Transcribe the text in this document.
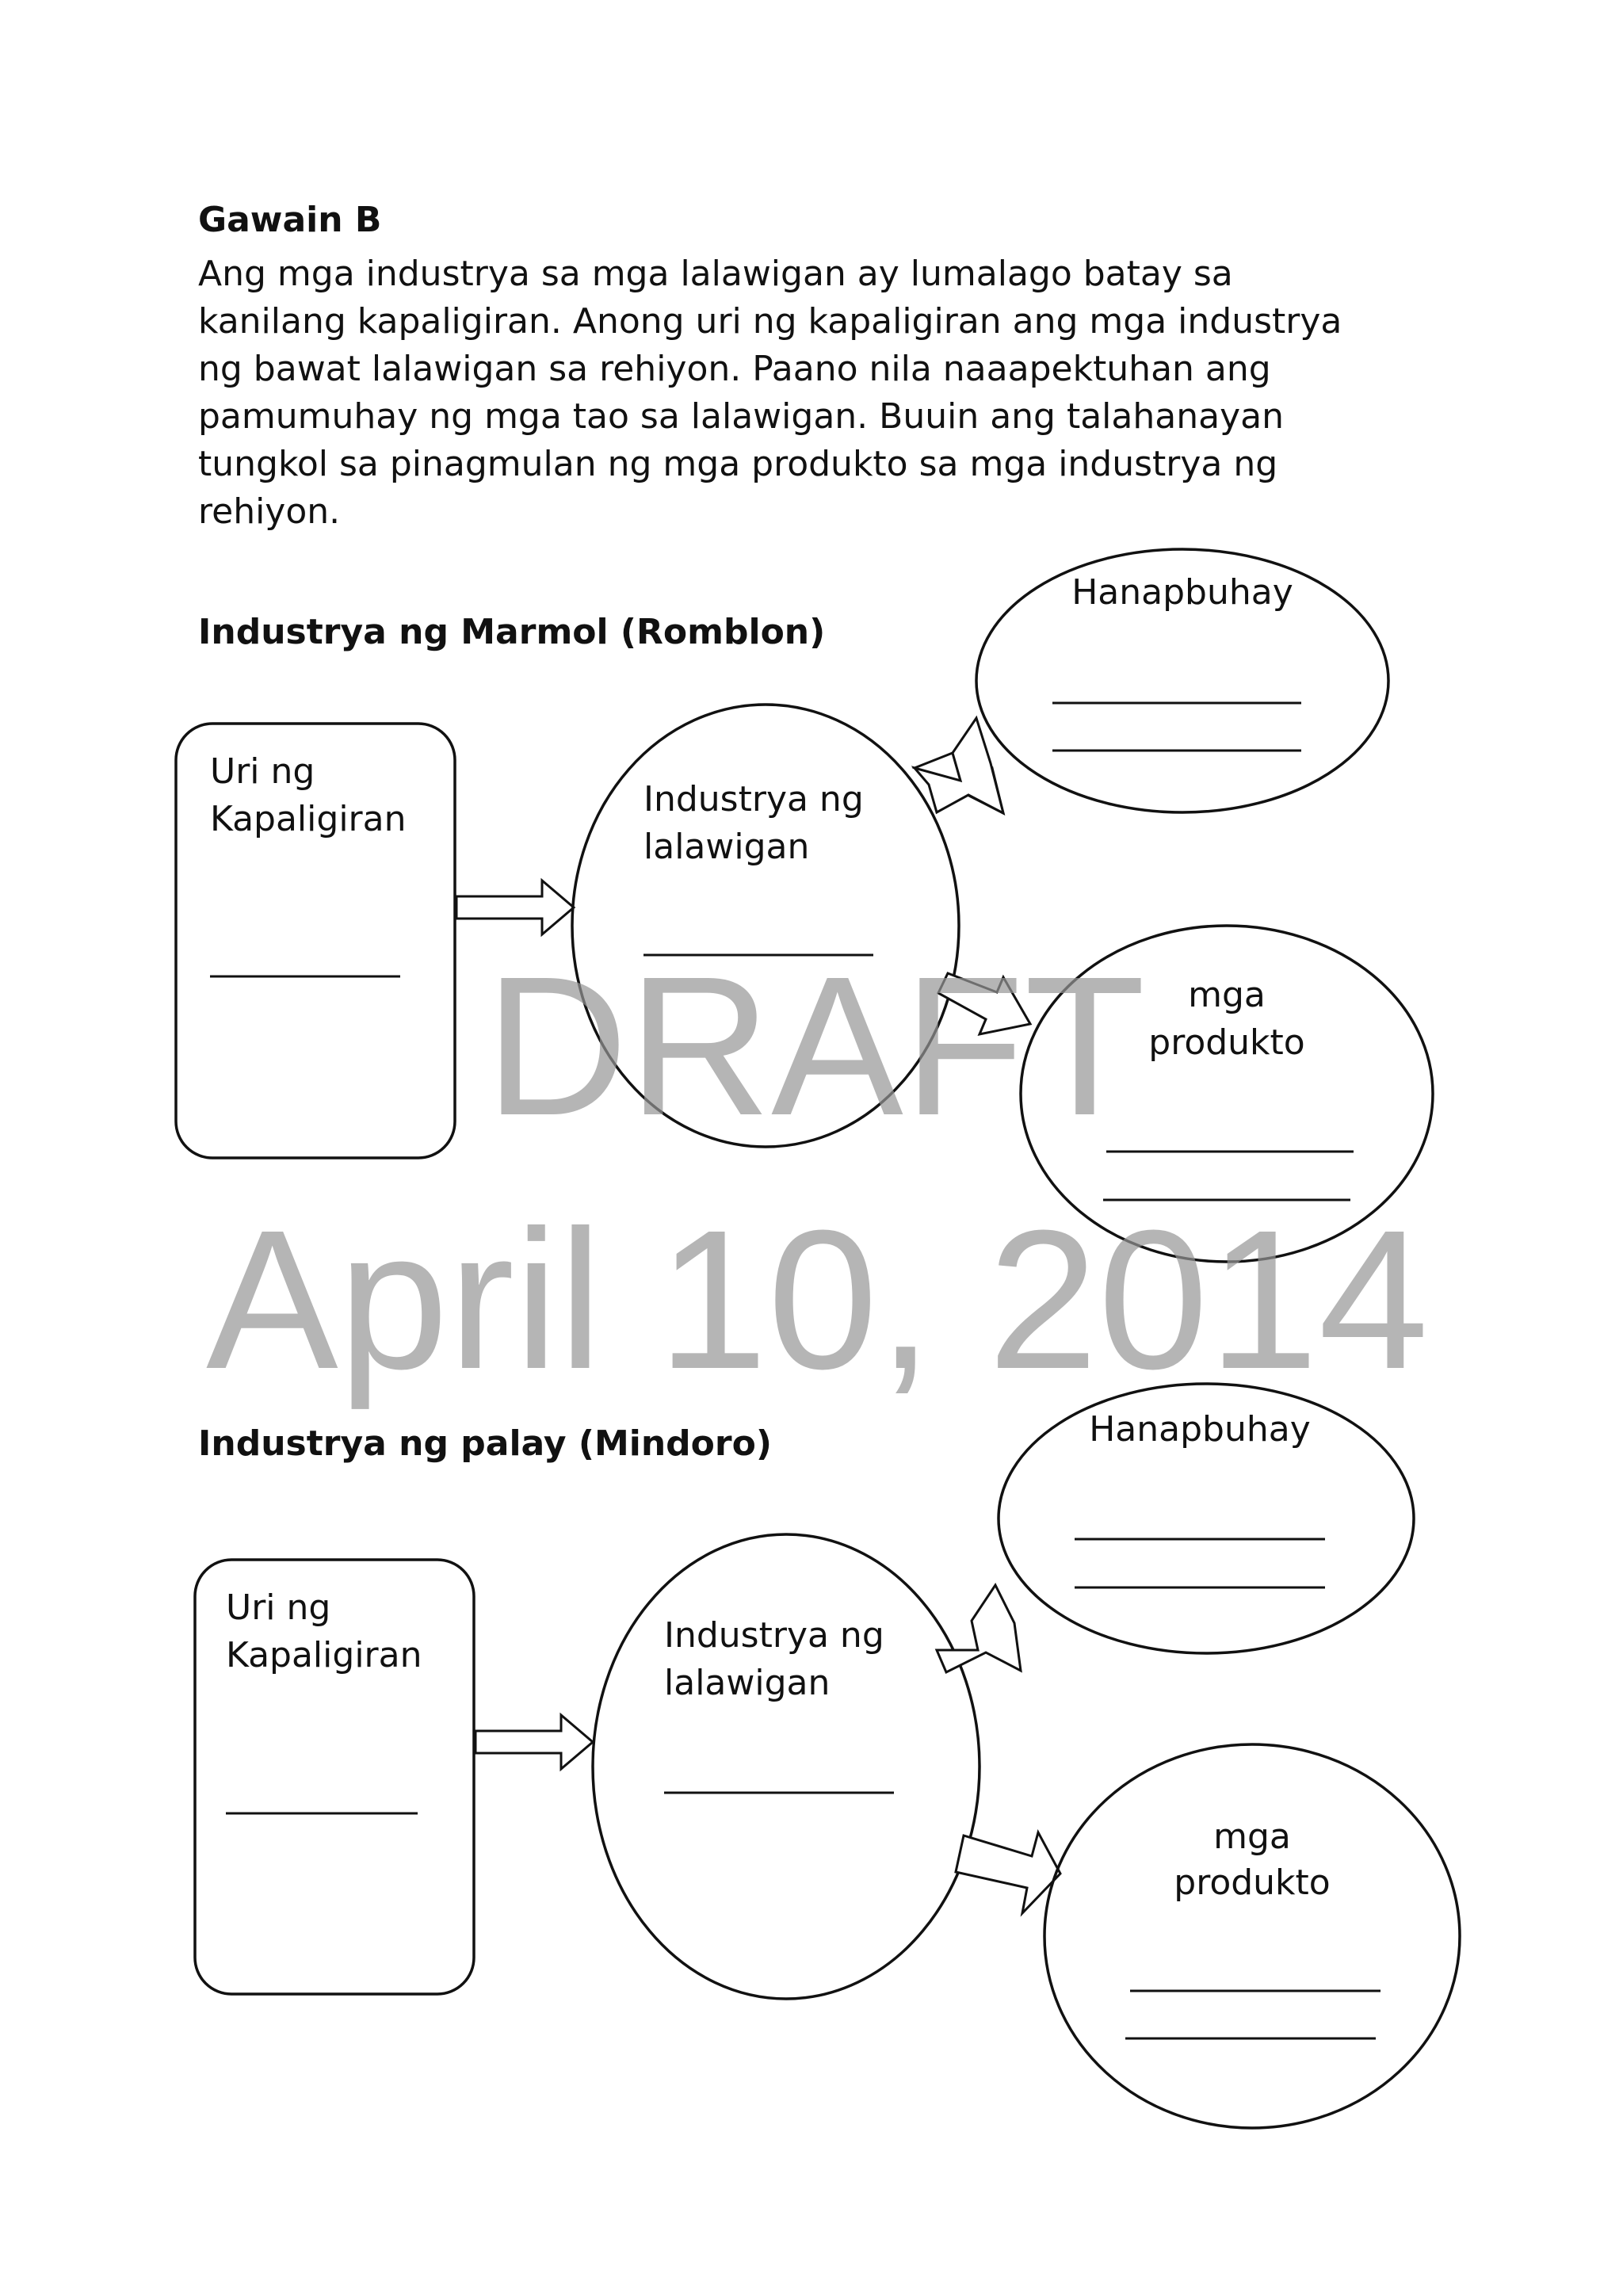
Gawain B
Ang mga industrya sa mga lalawigan ay lumalago batay sa
kanilang kapaligiran. Anong uri ng kapaligiran ang mga industrya
ng bawat lalawigan sa rehiyon. Paano nila naaapektuhan ang
pamumuhay ng mga tao sa lalawigan. Buuin ang talahanayan
tungkol sa pinagmulan ng mga produkto sa mga industrya ng
rehiyon.
Industrya ng Marmol (Romblon)
Industrya ng palay (Mindoro)
Uri ng
Kapaligiran	Industrya ng
lalawigan
Hanapbuhay
mga
produkto
Uri ng
Kapaligiran	Industrya ng
lalawigan
Hanapbuhay
mga
produkto
DRAFT
April 10, 2014
